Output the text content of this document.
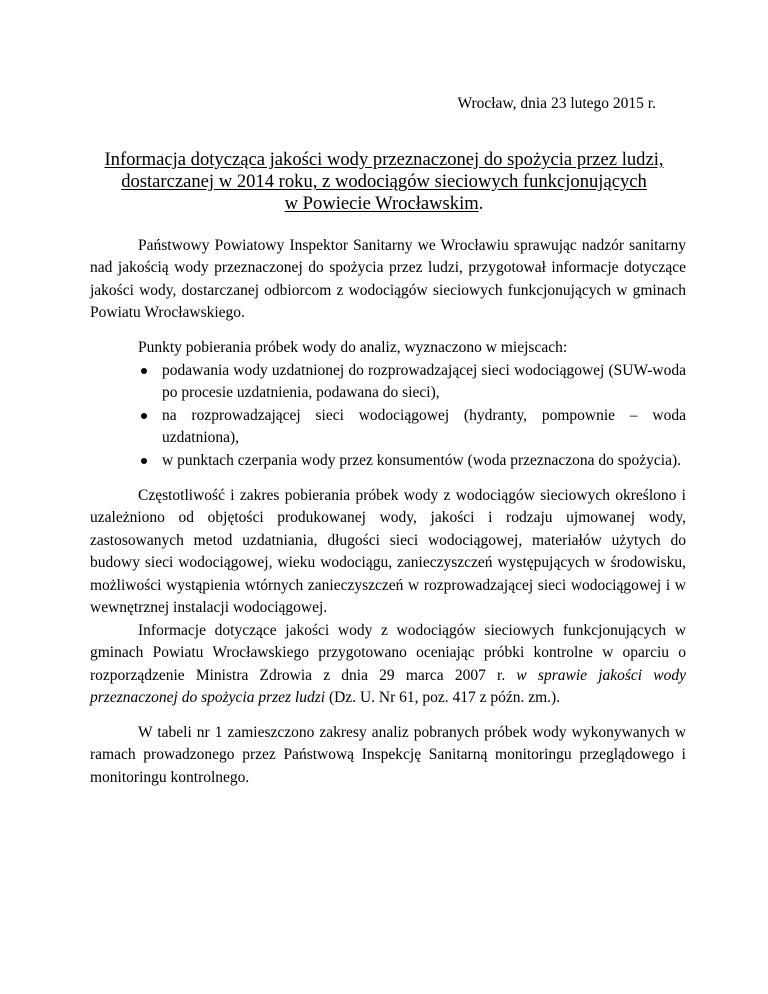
Wrocław, dnia 23 lutego 2015 r.
Informacja dotycząca jakości wody przeznaczonej do spożycia przez ludzi,
dostarczanej w 2014 roku, z wodociągów sieciowych funkcjonujących
w Powiecie Wrocławskim.

Państwowy Powiatowy Inspektor Sanitarny we Wrocławiu sprawując nadzór sanitarny nad jakością wody przeznaczonej do spożycia przez ludzi, przygotował informacje dotyczące jakości wody, dostarczanej odbiorcom z wodociągów sieciowych funkcjonujących w gminach Powiatu Wrocławskiego.

Punkty pobierania próbek wody do analiz, wyznaczono w miejscach:

podawania wody uzdatnionej do rozprowadzającej sieci wodociągowej (SUW-woda po procesie uzdatnienia, podawana do sieci),
na rozprowadzającej sieci wodociągowej (hydranty, pompownie – woda uzdatniona),
w punktach czerpania wody przez konsumentów (woda przeznaczona do spożycia).

Częstotliwość i zakres pobierania próbek wody z wodociągów sieciowych określono i uzależniono od objętości produkowanej wody, jakości i rodzaju ujmowanej wody, zastosowanych metod uzdatniania, długości sieci wodociągowej, materiałów użytych do budowy sieci wodociągowej, wieku wodociągu, zanieczyszczeń występujących w środowisku, możliwości wystąpienia wtórnych zanieczyszczeń w rozprowadzającej sieci wodociągowej i w wewnętrznej instalacji wodociągowej.

Informacje dotyczące jakości wody z wodociągów sieciowych funkcjonujących w gminach Powiatu Wrocławskiego przygotowano oceniając próbki kontrolne w oparciu o rozporządzenie Ministra Zdrowia z dnia 29 marca 2007 r. w sprawie jakości wody przeznaczonej do spożycia przez ludzi (Dz. U. Nr 61, poz. 417 z późn. zm.).

W tabeli nr 1 zamieszczono zakresy analiz pobranych próbek wody wykonywanych w ramach prowadzonego przez Państwową Inspekcję Sanitarną monitoringu przeglądowego i monitoringu kontrolnego.
